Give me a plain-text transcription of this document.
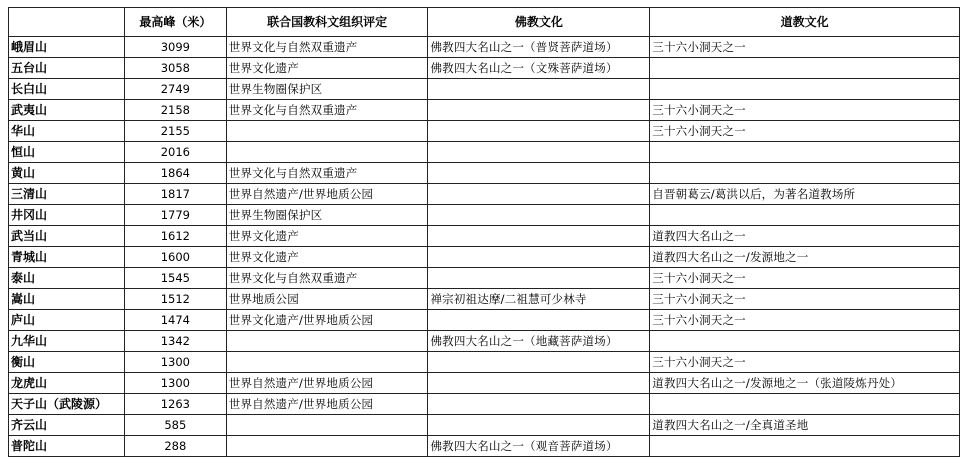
	最高峰（米）	联合国教科文组织评定	佛教文化	道教文化
峨眉山	3099	世界文化与自然双重遗产	佛教四大名山之一（普贤菩萨道场）	三十六小洞天之一
五台山	3058	世界文化遗产	佛教四大名山之一（文殊菩萨道场）	
长白山	2749	世界生物圈保护区		
武夷山	2158	世界文化与自然双重遗产		三十六小洞天之一
华山	2155			三十六小洞天之一
恒山	2016			
黄山	1864	世界文化与自然双重遗产		
三清山	1817	世界自然遗产/世界地质公园		自晋朝葛云/葛洪以后，为著名道教场所
井冈山	1779	世界生物圈保护区		
武当山	1612	世界文化遗产		道教四大名山之一
青城山	1600	世界文化遗产		道教四大名山之一/发源地之一
泰山	1545	世界文化与自然双重遗产		三十六小洞天之一
嵩山	1512	世界地质公园	禅宗初祖达摩/二祖慧可少林寺	三十六小洞天之一
庐山	1474	世界文化遗产/世界地质公园		三十六小洞天之一
九华山	1342		佛教四大名山之一（地藏菩萨道场）	
衡山	1300			三十六小洞天之一
龙虎山	1300	世界自然遗产/世界地质公园		道教四大名山之一/发源地之一（张道陵炼丹处）
天子山（武陵源）	1263	世界自然遗产/世界地质公园		
齐云山	585			道教四大名山之一/全真道圣地
普陀山	288		佛教四大名山之一（观音菩萨道场）	
